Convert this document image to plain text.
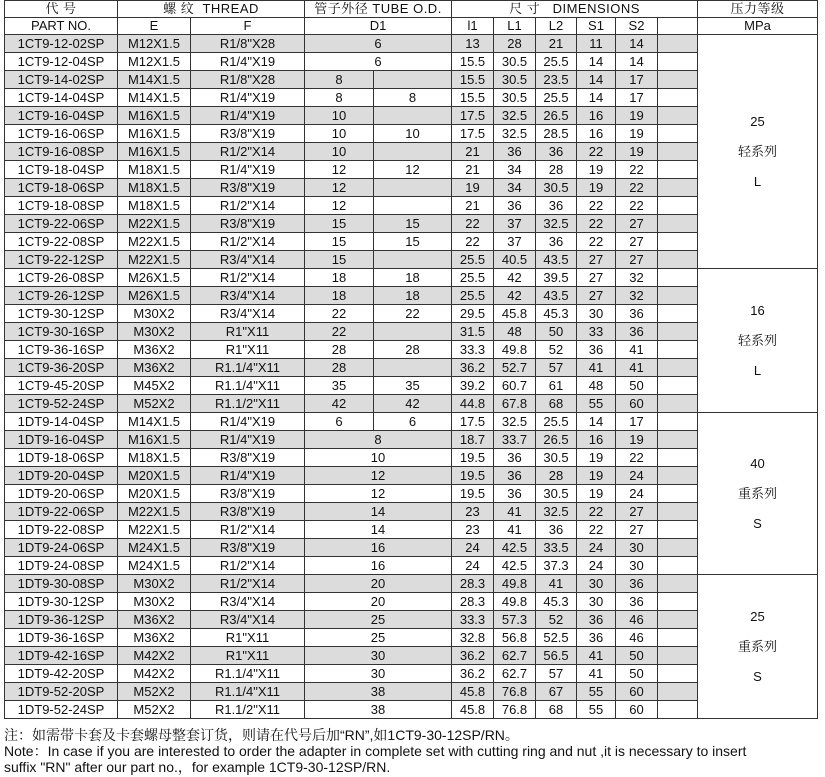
代 号	螺 纹 THREAD		管子外径 TUBE O.D.		尺 寸 DIMENSIONS						压力等级
PART NO.	E	F	D1		l1	L1	L2	S1	S2		MPa
1CT9-12-02SP	M12X1.5	R1/8"X28	6		13	28	21	11	14		25
轻系列
L

1CT9-12-04SP	M12X1.5	R1/4"X19	6		15.5	30.5	25.5	14	14		
1CT9-14-02SP	M14X1.5	R1/8"X28	8		15.5	30.5	23.5	14	17		
1CT9-14-04SP	M14X1.5	R1/4"X19	8	8	15.5	30.5	25.5	14	17		
1CT9-16-04SP	M16X1.5	R1/4"X19	10		17.5	32.5	26.5	16	19		
1CT9-16-06SP	M16X1.5	R3/8"X19	10	10	17.5	32.5	28.5	16	19		
1CT9-16-08SP	M16X1.5	R1/2"X14	10		21	36	36	22	19		
1CT9-18-04SP	M18X1.5	R1/4"X19	12	12	21	34	28	19	22		
1CT9-18-06SP	M18X1.5	R3/8"X19	12		19	34	30.5	19	22		
1CT9-18-08SP	M18X1.5	R1/2"X14	12		21	36	36	22	22		
1CT9-22-06SP	M22X1.5	R3/8"X19	15	15	22	37	32.5	22	27		
1CT9-22-08SP	M22X1.5	R1/2"X14	15	15	22	37	36	22	27		
1CT9-22-12SP	M22X1.5	R3/4"X14	15		25.5	40.5	43.5	27	27		
1CT9-26-08SP	M26X1.5	R1/2"X14	18	18	25.5	42	39.5	27	32		16
轻系列
L

1CT9-26-12SP	M26X1.5	R3/4"X14	18	18	25.5	42	43.5	27	32		
1CT9-30-12SP	M30X2	R3/4"X14	22	22	29.5	45.8	45.3	30	36		
1CT9-30-16SP	M30X2	R1"X11	22		31.5	48	50	33	36		
1CT9-36-16SP	M36X2	R1"X11	28	28	33.3	49.8	52	36	41		
1CT9-36-20SP	M36X2	R1.1/4"X11	28		36.2	52.7	57	41	41		
1CT9-45-20SP	M45X2	R1.1/4"X11	35	35	39.2	60.7	61	48	50		
1CT9-52-24SP	M52X2	R1.1/2"X11	42	42	44.8	67.8	68	55	60		
1DT9-14-04SP	M14X1.5	R1/4"X19	6	6	17.5	32.5	25.5	14	17		40
重系列
S

1DT9-16-04SP	M16X1.5	R1/4"X19	8		18.7	33.7	26.5	16	19		
1DT9-18-06SP	M18X1.5	R3/8"X19	10		19.5	36	30.5	19	22		
1DT9-20-04SP	M20X1.5	R1/4"X19	12		19.5	36	28	19	24		
1DT9-20-06SP	M20X1.5	R3/8"X19	12		19.5	36	30.5	19	24		
1DT9-22-06SP	M22X1.5	R3/8"X19	14		23	41	32.5	22	27		
1DT9-22-08SP	M22X1.5	R1/2"X14	14		23	41	36	22	27		
1DT9-24-06SP	M24X1.5	R3/8"X19	16		24	42.5	33.5	24	30		
1DT9-24-08SP	M24X1.5	R1/2"X14	16		24	42.5	37.3	24	30		
1DT9-30-08SP	M30X2	R1/2"X14	20		28.3	49.8	41	30	36		25
重系列
S

1DT9-30-12SP	M30X2	R3/4"X14	20		28.3	49.8	45.3	30	36		
1DT9-36-12SP	M36X2	R3/4"X14	25		33.3	57.3	52	36	46		
1DT9-36-16SP	M36X2	R1"X11	25		32.8	56.8	52.5	36	46		
1DT9-42-16SP	M42X2	R1"X11	30		36.2	62.7	56.5	41	50		
1DT9-42-20SP	M42X2	R1.1/4"X11	30		36.2	62.7	57	41	50		
1DT9-52-20SP	M52X2	R1.1/4"X11	38		45.8	76.8	67	55	60		
1DT9-52-24SP	M52X2	R1.1/2"X11	38		45.8	76.8	68	55	60		
注：如需带卡套及卡套螺母整套订货，则请在代号后加“RN”,如1CT9-30-12SP/RN。
Note：In case if you are interested to order the adapter in complete set with cutting ring and nut ,it is necessary to insert
suffix "RN" after our part no.，for example 1CT9-30-12SP/RN.
